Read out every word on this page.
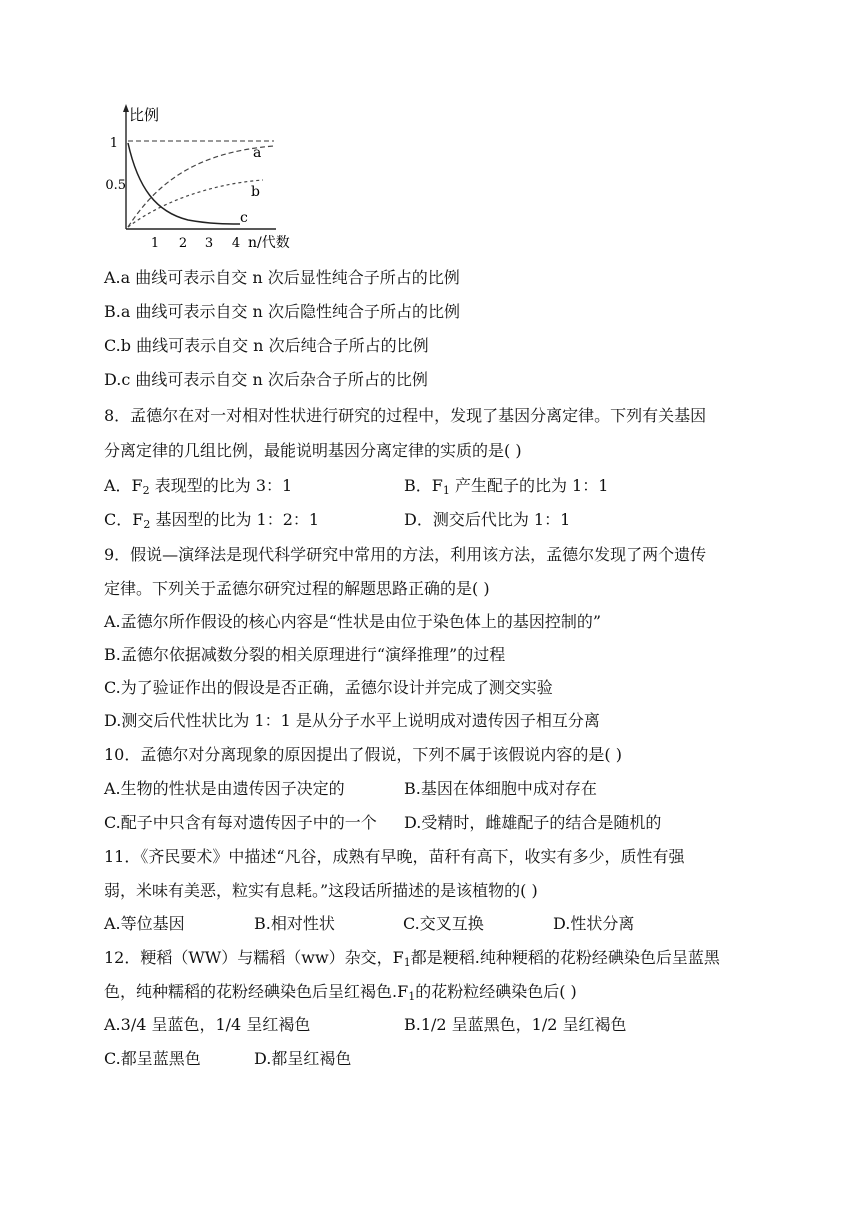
比例
1
0.5
1 2 3 4 n/代数
a
b
c
A.a 曲线可表示自交 n 次后显性纯合子所占的比例
B.a 曲线可表示自交 n 次后隐性纯合子所占的比例
C.b 曲线可表示自交 n 次后纯合子所占的比例
D.c 曲线可表示自交 n 次后杂合子所占的比例
8．孟德尔在对一对相对性状进行研究的过程中，发现了基因分离定律。下列有关基因
分离定律的几组比例，最能说明基因分离定律的实质的是( )
A．$F_2$ 表现型的比为 3：1	B．$F_1$ 产生配子的比为 1：1
C．$F_2$ 基因型的比为 1：2：1	D．测交后代比为 1：1
9．假说—演绎法是现代科学研究中常用的方法，利用该方法，孟德尔发现了两个遗传
定律。下列关于孟德尔研究过程的解题思路正确的是( )
A.孟德尔所作假设的核心内容是“性状是由位于染色体上的基因控制的”
B.孟德尔依据减数分裂的相关原理进行“演绎推理”的过程
C.为了验证作出的假设是否正确，孟德尔设计并完成了测交实验
D.测交后代性状比为 1：1 是从分子水平上说明成对遗传因子相互分离
10．孟德尔对分离现象的原因提出了假说，下列不属于该假说内容的是( )
A.生物的性状是由遗传因子决定的	B.基因在体细胞中成对存在
C.配子中只含有每对遗传因子中的一个 D.受精时，雌雄配子的结合是随机的
11．《齐民要术》中描述“凡谷，成熟有早晚，苗秆有高下，收实有多少，质性有强
弱，米味有美恶，粒实有息耗。”这段话所描述的是该植物的( )
A.等位基因	B.相对性状	C.交叉互换	D.性状分离
12．粳稻（WW）与糯稻（ww）杂交，$F_1$都是粳稻.纯种粳稻的花粉经碘染色后呈蓝黑
色，纯种糯稻的花粉经碘染色后呈红褐色$.F_1$的花粉粒经碘染色后( )
A.3/4 呈蓝色，1/4 呈红褐色	B.1/2 呈蓝黑色，1/2 呈红褐色
C.都呈蓝黑色	D.都呈红褐色
